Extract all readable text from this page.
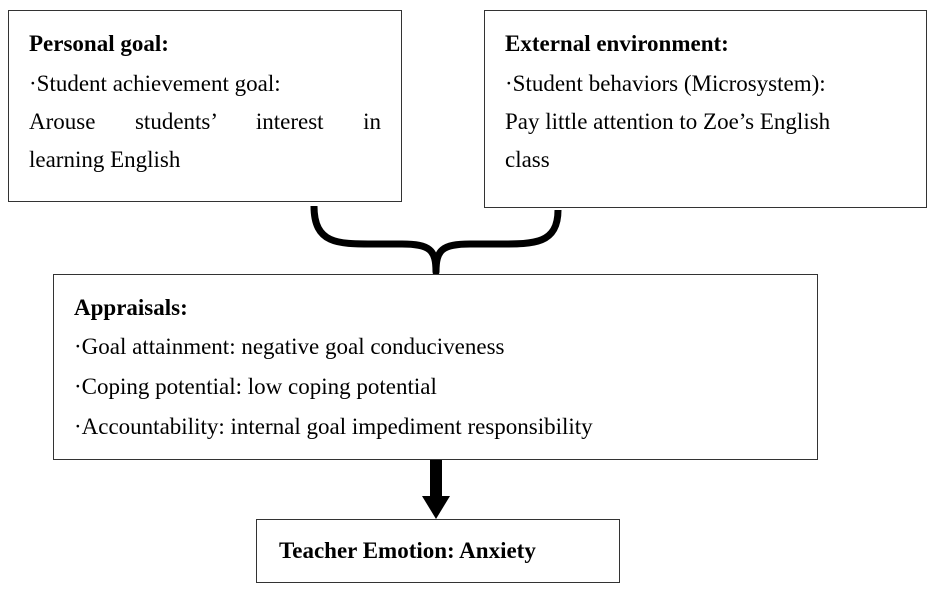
Personal goal:
·Student achievement goal:
Arouse students’ interest in
learning English
External environment:
·Student behaviors (Microsystem):
Pay little attention to Zoe’s English
class
Appraisals:
·Goal attainment: negative goal conduciveness
·Coping potential: low coping potential
·Accountability: internal goal impediment responsibility
Teacher Emotion: Anxiety
